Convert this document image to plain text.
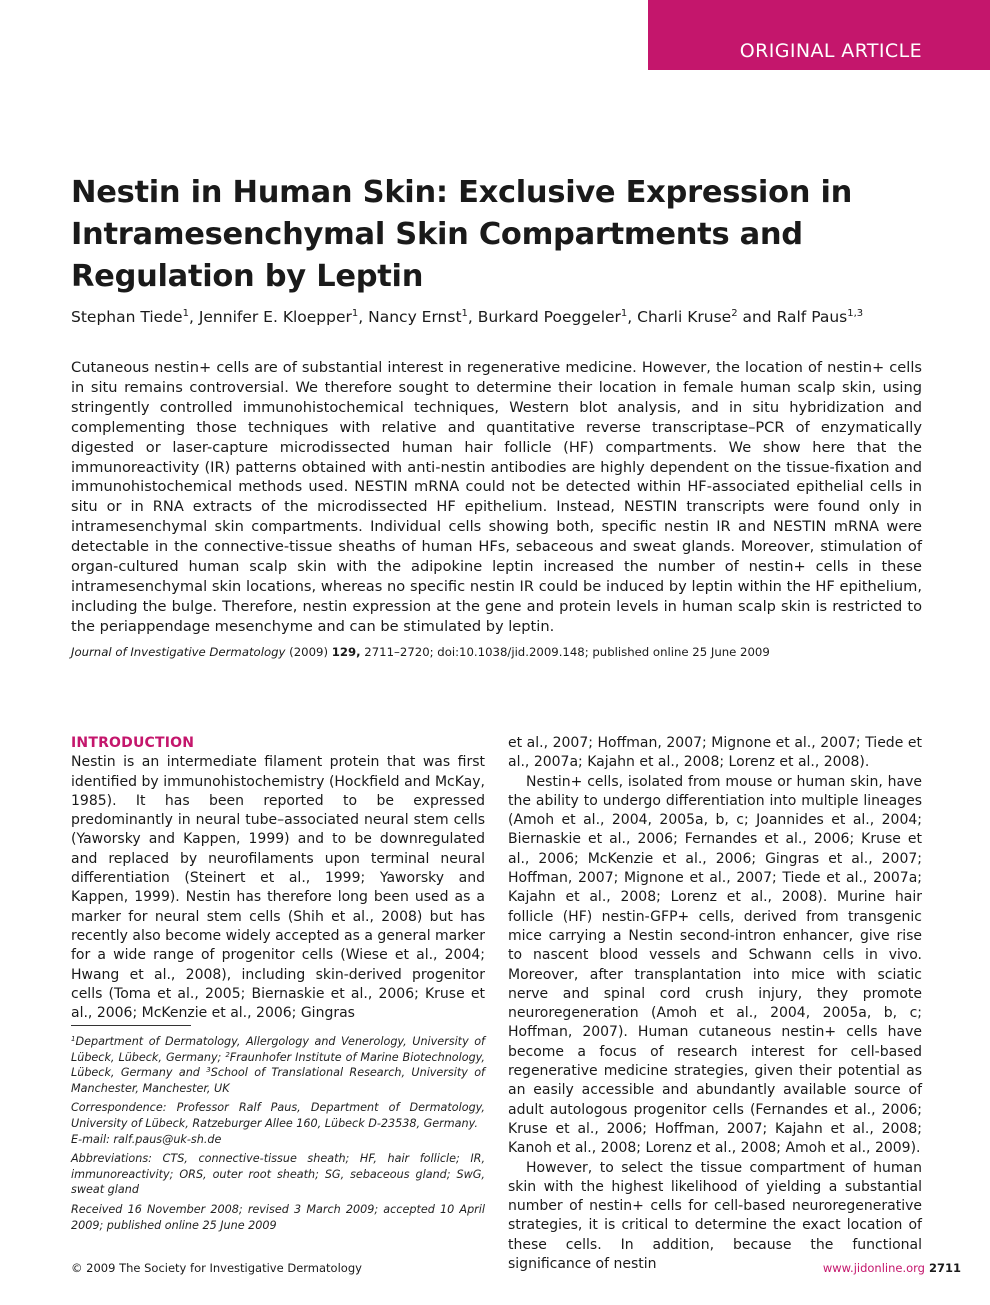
ORIGINAL ARTICLE
Nestin in Human Skin: Exclusive Expression in Intramesenchymal Skin Compartments and Regulation by Leptin
Stephan Tiede$^1$, Jennifer E. Kloepper$^1$, Nancy Ernst$^1$, Burkard Poeggeler$^1$, Charli Kruse$^2$ and Ralf Paus$^{1,3}$

Cutaneous nestin+ cells are of substantial interest in regenerative medicine. However, the location of nestin+ cells in situ remains controversial. We therefore sought to determine their location in female human scalp skin, using stringently controlled immunohistochemical techniques, Western blot analysis, and in situ hybridization and complementing those techniques with relative and quantitative reverse transcriptase–PCR of enzymatically digested or laser-capture microdissected human hair follicle (HF) compartments. We show here that the immunoreactivity (IR) patterns obtained with anti-nestin antibodies are highly dependent on the tissue-fixation and immunohistochemical methods used. NESTIN mRNA could not be detected within HF-associated epithelial cells in situ or in RNA extracts of the microdissected HF epithelium. Instead, NESTIN transcripts were found only in intramesenchymal skin compartments. Individual cells showing both, specific nestin IR and NESTIN mRNA were detectable in the connective-tissue sheaths of human HFs, sebaceous and sweat glands. Moreover, stimulation of organ-cultured human scalp skin with the adipokine leptin increased the number of nestin+ cells in these intramesenchymal skin locations, whereas no specific nestin IR could be induced by leptin within the HF epithelium, including the bulge. Therefore, nestin expression at the gene and protein levels in human scalp skin is restricted to the periappendage mesenchyme and can be stimulated by leptin.

Journal of Investigative Dermatology (2009) 129, 2711–2720; doi:10.1038/jid.2009.148; published online 25 June 2009
INTRODUCTION

Nestin is an intermediate filament protein that was first identified by immunohistochemistry (Hockfield and McKay, 1985). It has been reported to be expressed predominantly in neural tube–associated neural stem cells (Yaworsky and Kappen, 1999) and to be downregulated and replaced by neurofilaments upon terminal neural differentiation (Steinert et al., 1999; Yaworsky and Kappen, 1999). Nestin has therefore long been used as a marker for neural stem cells (Shih et al., 2008) but has recently also become widely accepted as a general marker for a wide range of progenitor cells (Wiese et al., 2004; Hwang et al., 2008), including skin-derived progenitor cells (Toma et al., 2005; Biernaskie et al., 2006; Kruse et al., 2006; McKenzie et al., 2006; Gingras

et al., 2007; Hoffman, 2007; Mignone et al., 2007; Tiede et al., 2007a; Kajahn et al., 2008; Lorenz et al., 2008).

Nestin+ cells, isolated from mouse or human skin, have the ability to undergo differentiation into multiple lineages (Amoh et al., 2004, 2005a, b, c; Joannides et al., 2004; Biernaskie et al., 2006; Fernandes et al., 2006; Kruse et al., 2006; McKenzie et al., 2006; Gingras et al., 2007; Hoffman, 2007; Mignone et al., 2007; Tiede et al., 2007a; Kajahn et al., 2008; Lorenz et al., 2008). Murine hair follicle (HF) nestin-GFP+ cells, derived from transgenic mice carrying a Nestin second-intron enhancer, give rise to nascent blood vessels and Schwann cells in vivo. Moreover, after transplantation into mice with sciatic nerve and spinal cord crush injury, they promote neuroregeneration (Amoh et al., 2004, 2005a, b, c; Hoffman, 2007). Human cutaneous nestin+ cells have become a focus of research interest for cell-based regenerative medicine strategies, given their potential as an easily accessible and abundantly available source of adult autologous progenitor cells (Fernandes et al., 2006; Kruse et al., 2006; Hoffman, 2007; Kajahn et al., 2008; Kanoh et al., 2008; Lorenz et al., 2008; Amoh et al., 2009).

However, to select the tissue compartment of human skin with the highest likelihood of yielding a substantial number of nestin+ cells for cell-based neuroregenerative strategies, it is critical to determine the exact location of these cells. In addition, because the functional significance of nestin

$^1$Department of Dermatology, Allergology and Venerology, University of Lübeck, Lübeck, Germany; $^2$Fraunhofer Institute of Marine Biotechnology, Lübeck, Germany and $^3$School of Translational Research, University of Manchester, Manchester, UK

Correspondence: Professor Ralf Paus, Department of Dermatology, University of Lübeck, Ratzeburger Allee 160, Lübeck D-23538, Germany.
E-mail: ralf.paus@uk-sh.de

Abbreviations: CTS, connective-tissue sheath; HF, hair follicle; IR, immunoreactivity; ORS, outer root sheath; SG, sebaceous gland; SwG, sweat gland

Received 16 November 2008; revised 3 March 2009; accepted 10 April 2009; published online 25 June 2009

© 2009 The Society for Investigative Dermatology	www.jidonline.org 2711
